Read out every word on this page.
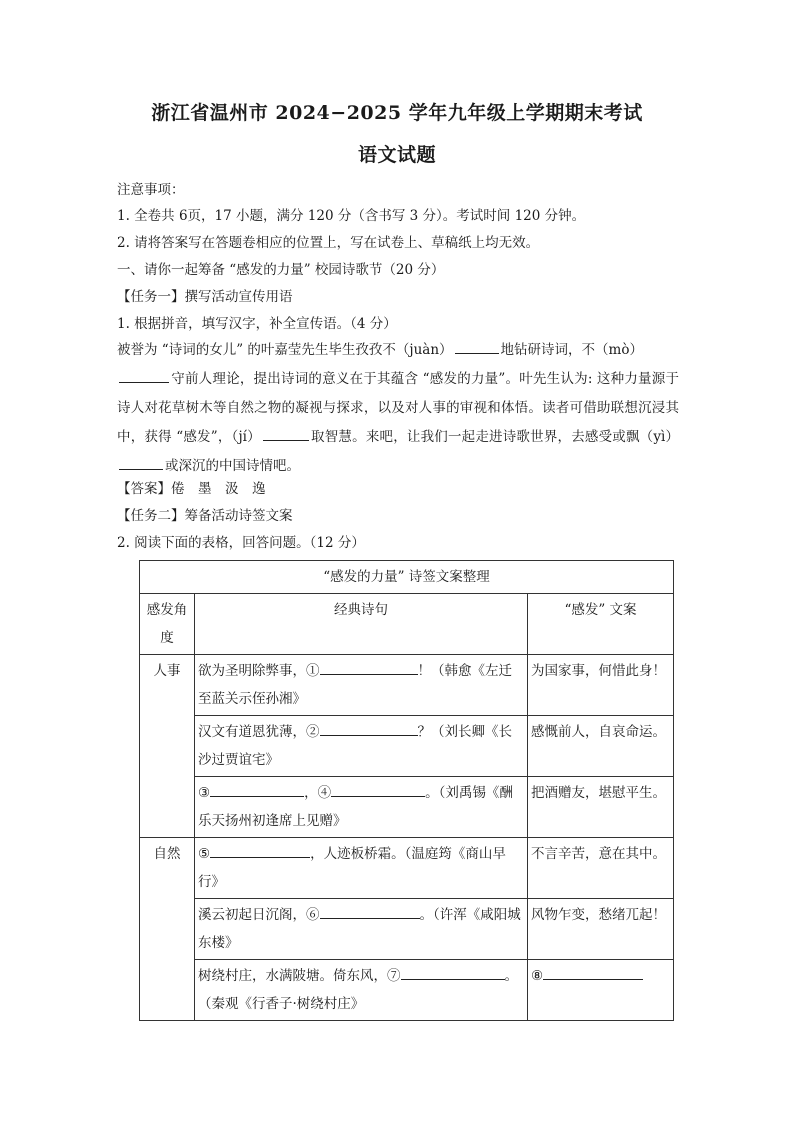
浙江省温州市 2024−2025 学年九年级上学期期末考试
语文试题
注意事项：
1. 全卷共 6页，17 小题，满分 120 分（含书写 3 分）。考试时间 120 分钟。
2. 请将答案写在答题卷相应的位置上，写在试卷上、草稿纸上均无效。
一、请你一起筹备 “感发的力量” 校园诗歌节（20 分）
【任务一】撰写活动宣传用语
1. 根据拼音，填写汉字，补全宣传语。（4 分）
被誉为 “诗词的女儿” 的叶嘉莹先生毕生孜孜不（juàn）	地钻研诗词，不（mò）
守前人理论，提出诗词的意义在于其蕴含 “感发的力量”。叶先生认为: 这种力量源于诗人对花草树木等自然之物的凝视与探求，以及对人事的审视和体悟。读者可借助联想沉浸其中，获得 “感发”，（jí）	取智慧。来吧，让我们一起走进诗歌世界，去感受或飘（yì）或深沉的中国诗情吧。
【答案】倦　墨　汲　逸
【任务二】筹备活动诗签文案
2. 阅读下面的表格，回答问题。（12 分）
“感发的力量” 诗签文案整理		
感发角度	经典诗句	“感发” 文案
人事	欲为圣明除弊事，① ！（韩愈《左迁至蓝关示侄孙湘》	为国家事，何惜此身！
	汉文有道恩犹薄，② ？（刘长卿《长沙过贾谊宅》	感慨前人，自哀命运。
	③ ，④ 。（刘禹锡《酬乐天扬州初逢席上见赠》	把酒赠友，堪慰平生。
自然	⑤ ，人迹板桥霜。（温庭筠《商山早行》	不言辛苦，意在其中。
	溪云初起日沉阁，⑥ 。（许浑《咸阳城东楼》	风物乍变，愁绪兀起！
	树绕村庄，水满陂塘。倚东风，⑦ 。（秦观《行香子·树绕村庄》	⑧
